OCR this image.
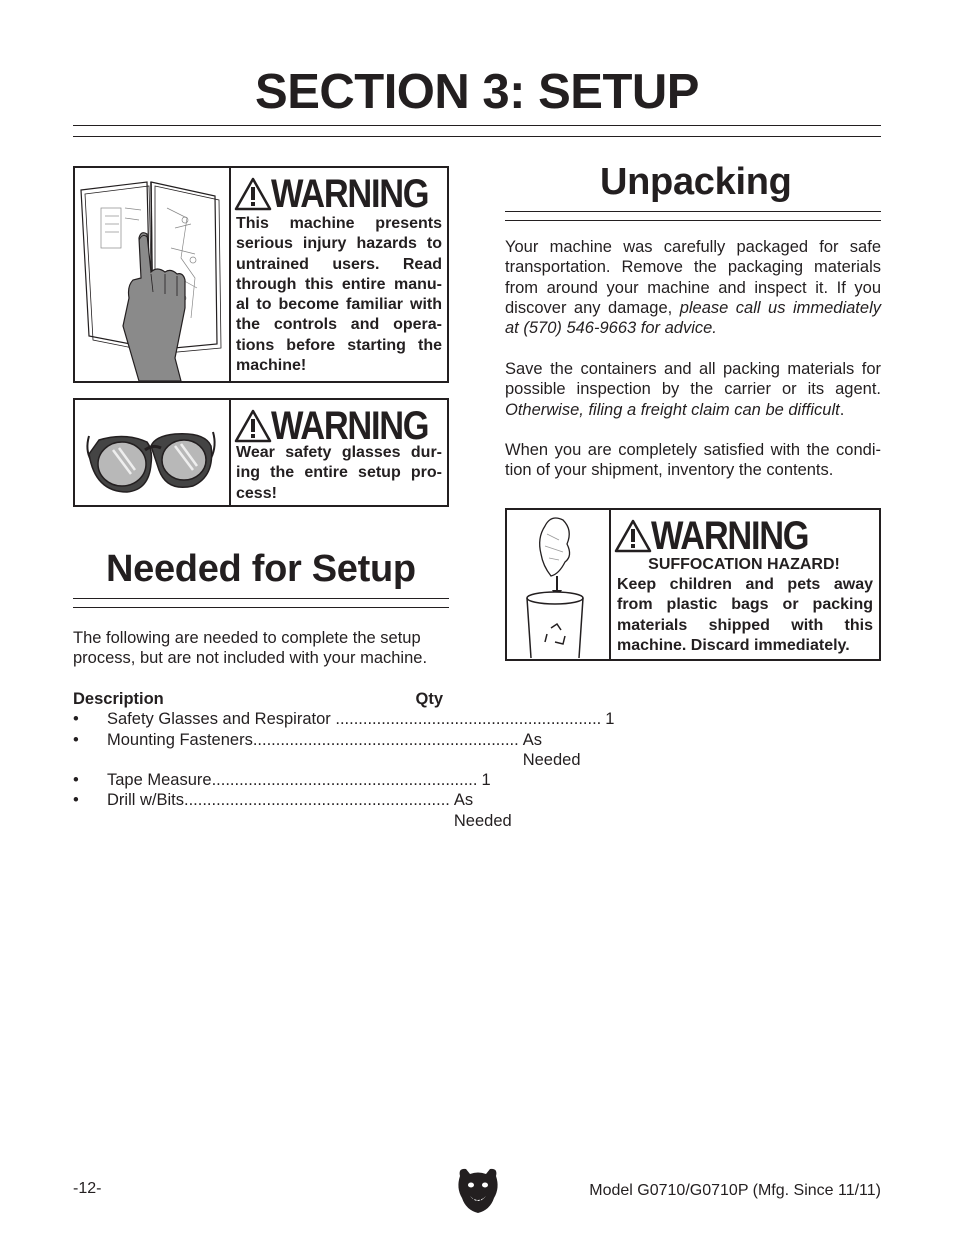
SECTION 3: SETUP
WARNING
This machine presents serious injury hazards to untrained users. Read through this entire manu-al to become familiar with the controls and opera-tions before starting the machine!
WARNING
Wear safety glasses dur-ing the entire setup pro-cess!
Needed for Setup
The following are needed to complete the setup process, but are not included with your machine.
Description	Qty
•	Safety Glasses and Respirator .......................................................... 1
•	Mounting Fasteners.......................................................... As Needed
•	Tape Measure.......................................................... 1
•	Drill w/Bits.......................................................... As Needed
Unpacking
Your machine was carefully packaged for safe transportation. Remove the packaging materials from around your machine and inspect it. If you discover any damage, please call us immediately at (570) 546-9663 for advice.
Save the containers and all packing materials for possible inspection by the carrier or its agent. Otherwise, filing a freight claim can be difficult.
When you are completely satisfied with the condi-tion of your shipment, inventory the contents.
WARNING
SUFFOCATION HAZARD!
Keep children and pets away from plastic bags or packing materials shipped with this machine. Discard immediately.
-12-	Model G0710/G0710P (Mfg. Since 11/11)
